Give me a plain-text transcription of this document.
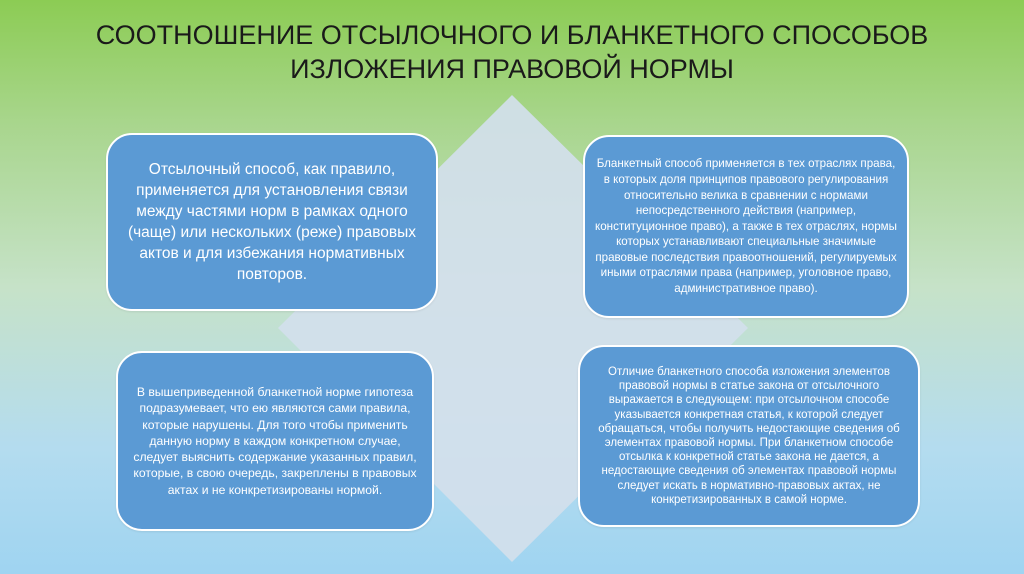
СООТНОШЕНИЕ ОТСЫЛОЧНОГО И БЛАНКЕТНОГО СПОСОБОВ
ИЗЛОЖЕНИЯ ПРАВОВОЙ НОРМЫ

Отсылочный способ, как правило, применяется для установления связи между частями норм в рамках одного (чаще) или нескольких (реже) правовых актов и для избежания нормативных повторов.

Бланкетный способ применяется в тех отраслях права, в которых доля принципов правового регулирования относительно велика в сравнении с нормами непосредственного действия (например, конституционное право), а также в тех отраслях, нормы которых устанавливают специальные значимые правовые последствия правоотношений, регулируемых иными отраслями права (например, уголовное право, административное право).

В вышеприведенной бланкетной норме гипотеза подразумевает, что ею являются сами правила, которые нарушены. Для того чтобы применить данную норму в каждом конкретном случае, следует выяснить содержание указанных правил, которые, в свою очередь, закреплены в правовых актах и не конкретизированы нормой.

Отличие бланкетного способа изложения элементов правовой нормы в статье закона от отсылочного выражается в следующем: при отсылочном способе указывается конкретная статья, к которой следует обращаться, чтобы получить недостающие сведения об элементах правовой нормы. При бланкетном способе отсылка к конкретной статье закона не дается, а недостающие сведения об элементах правовой нормы следует искать в нормативно-правовых актах, не конкретизированных в самой норме.
